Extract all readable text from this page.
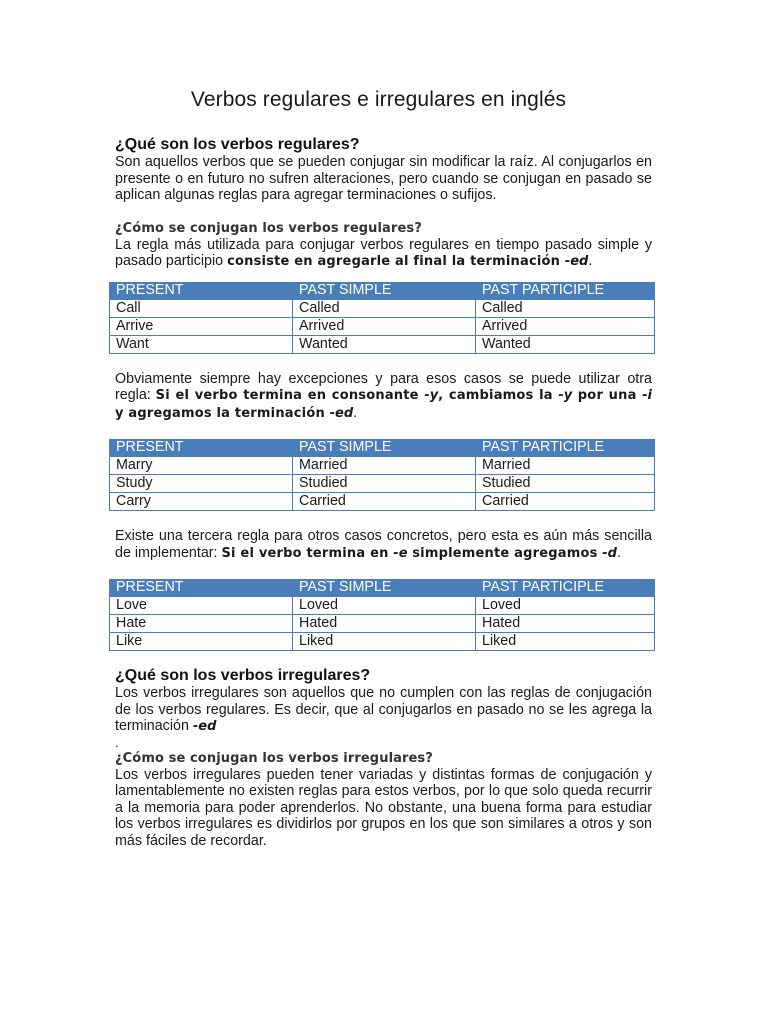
Verbos regulares e irregulares en inglés
¿Qué son los verbos regulares?

Son aquellos verbos que se pueden conjugar sin modificar la raíz. Al conjugarlos en presente o en futuro no sufren alteraciones, pero cuando se conjugan en pasado se aplican algunas reglas para agregar terminaciones o sufijos.

¿Cómo se conjugan los verbos regulares?

La regla más utilizada para conjugar verbos regulares en tiempo pasado simple y pasado participio consiste en agregarle al final la terminación -ed.

PRESENT	PAST SIMPLE	PAST PARTICIPLE
Call	Called	Called
Arrive	Arrived	Arrived
Want	Wanted	Wanted

Obviamente siempre hay excepciones y para esos casos se puede utilizar otra regla: Si el verbo termina en consonante -y, cambiamos la -y por una -i y agregamos la terminación -ed.

PRESENT	PAST SIMPLE	PAST PARTICIPLE
Marry	Married	Married
Study	Studied	Studied
Carry	Carried	Carried

Existe una tercera regla para otros casos concretos, pero esta es aún más sencilla de implementar: Si el verbo termina en -e simplemente agregamos -d.

PRESENT	PAST SIMPLE	PAST PARTICIPLE
Love	Loved	Loved
Hate	Hated	Hated
Like	Liked	Liked
¿Qué son los verbos irregulares?

Los verbos irregulares son aquellos que no cumplen con las reglas de conjugación de los verbos regulares. Es decir, que al conjugarlos en pasado no se les agrega la terminación -ed

.

¿Cómo se conjugan los verbos irregulares?

Los verbos irregulares pueden tener variadas y distintas formas de conjugación y lamentablemente no existen reglas para estos verbos, por lo que solo queda recurrir a la memoria para poder aprenderlos. No obstante, una buena forma para estudiar los verbos irregulares es dividirlos por grupos en los que son similares a otros y son más fáciles de recordar.
